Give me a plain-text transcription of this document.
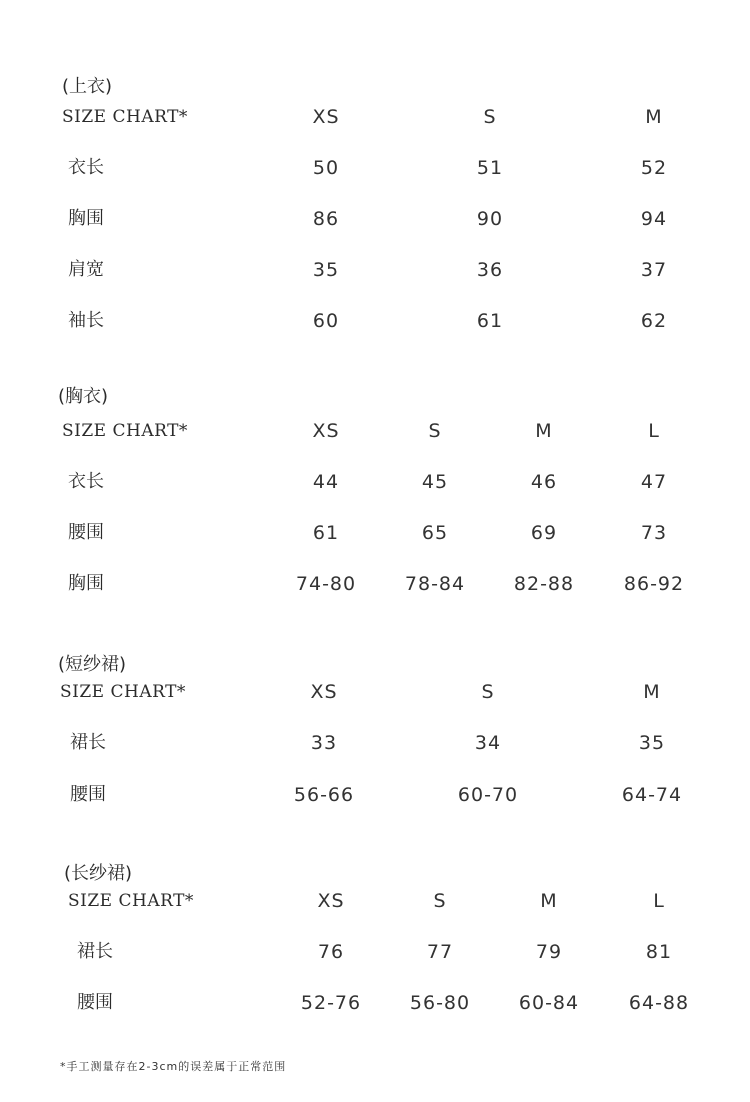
(上衣)
SIZE CHART*	XS	S	M
衣长	50	51	52
胸围	86	90	94
肩宽	35	36	37
袖长	60	61	62
(胸衣)
SIZE CHART*	XS	S	M	L
衣长	44	45	46	47
腰围	61	65	69	73
胸围	74-80	78-84	82-88	86-92
(短纱裙)
SIZE CHART*	XS	S	M
裙长	33	34	35
腰围	56-66	60-70	64-74
(长纱裙)
SIZE CHART*	XS	S	M	L
裙长	76	77	79	81
腰围	52-76	56-80	60-84	64-88
*手工测量存在2-3cm的误差属于正常范围
